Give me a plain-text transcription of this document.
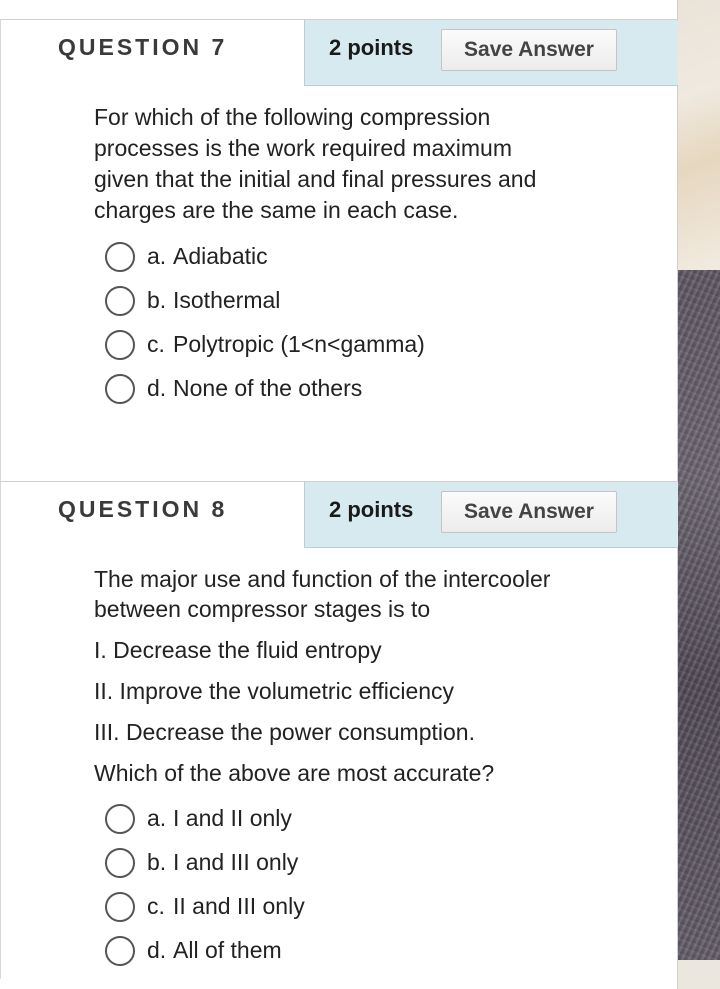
QUESTION 7	2 points	Save Answer
For which of the following compression
processes is the work required maximum
given that the initial and final pressures and
charges are the same in each case.
a. Adiabatic
b. Isothermal
c. Polytropic (1<n<gamma)
d. None of the others
QUESTION 8	2 points	Save Answer
The major use and function of the intercooler
between compressor stages is to
I. Decrease the fluid entropy
II. Improve the volumetric efficiency
III. Decrease the power consumption.
Which of the above are most accurate?
a. I and II only
b. I and III only
c. II and III only
d. All of them
